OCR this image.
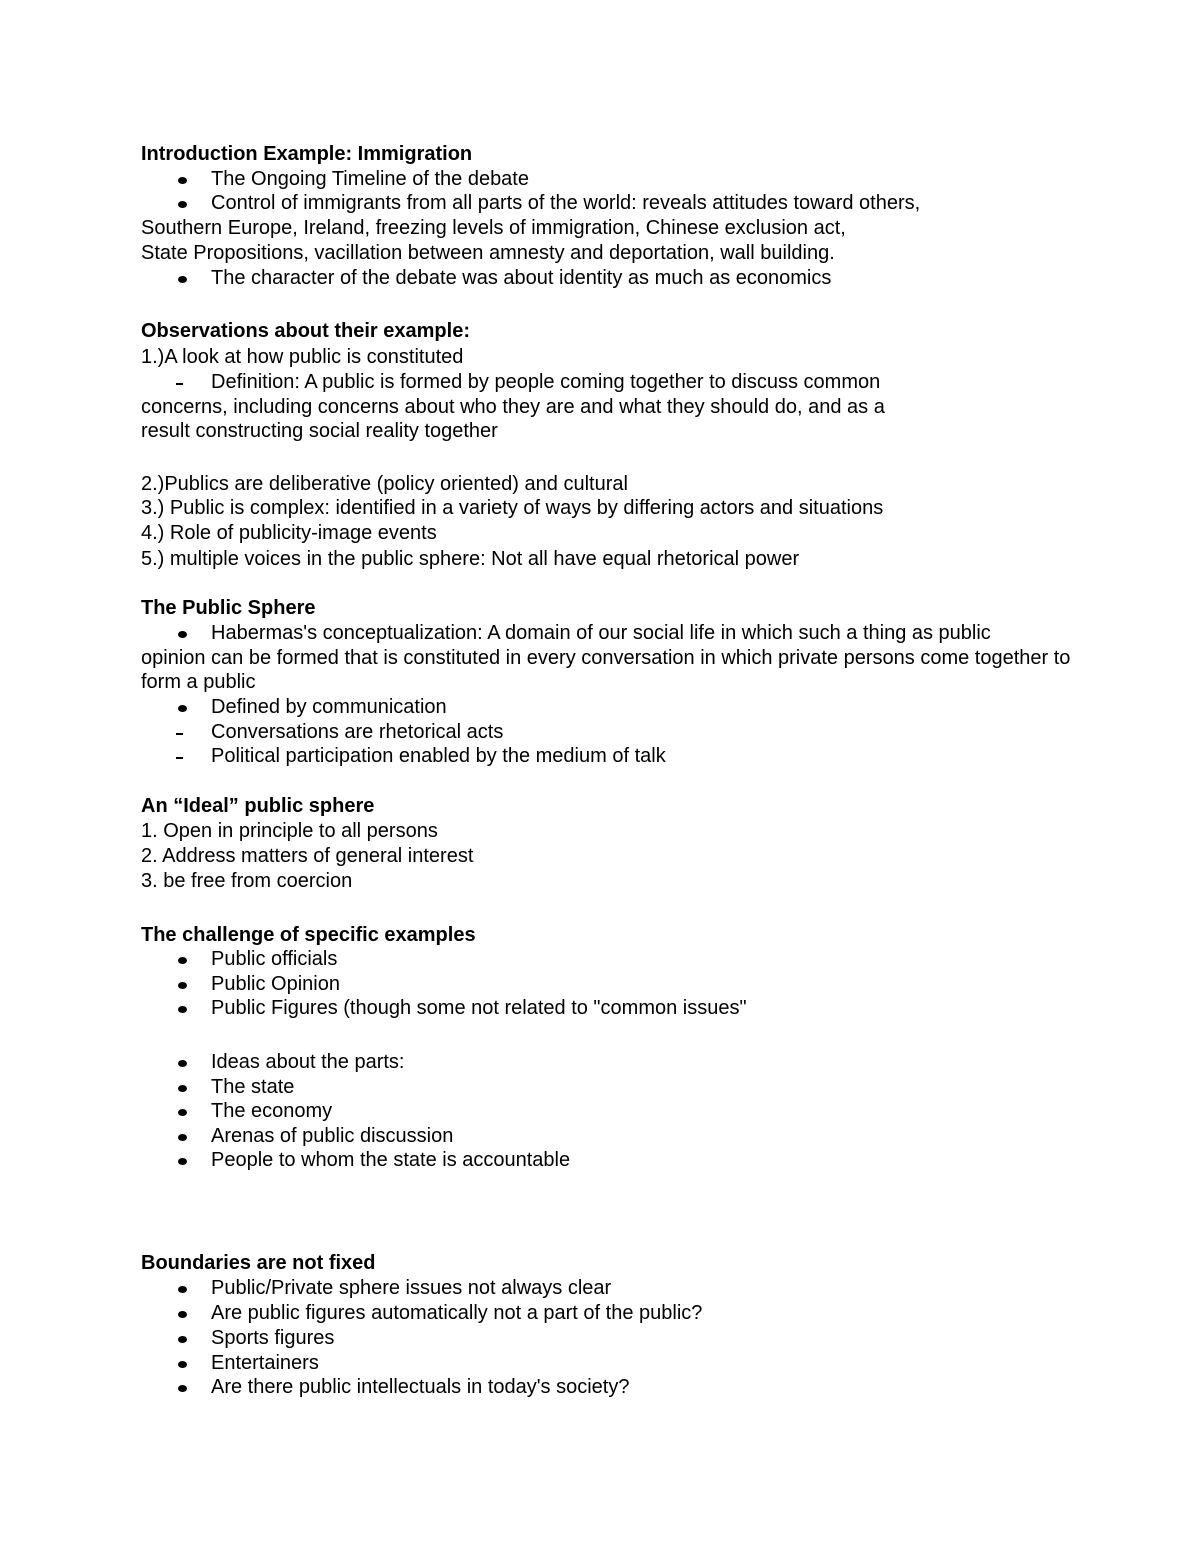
Introduction Example: Immigration
The Ongoing Timeline of the debate
Control of immigrants from all parts of the world: reveals attitudes toward others,
Southern Europe, Ireland, freezing levels of immigration, Chinese exclusion act,
State Propositions, vacillation between amnesty and deportation, wall building.
The character of the debate was about identity as much as economics
Observations about their example:
1.)A look at how public is constituted
Definition: A public is formed by people coming together to discuss common
concerns, including concerns about who they are and what they should do, and as a
result constructing social reality together
2.)Publics are deliberative (policy oriented) and cultural
3.) Public is complex: identified in a variety of ways by differing actors and situations
4.) Role of publicity-image events
5.) multiple voices in the public sphere: Not all have equal rhetorical power
The Public Sphere
Habermas's conceptualization: A domain of our social life in which such a thing as public
opinion can be formed that is constituted in every conversation in which private persons come together to
form a public
Defined by communication
Conversations are rhetorical acts
Political participation enabled by the medium of talk
An “Ideal” public sphere
1. Open in principle to all persons
2. Address matters of general interest
3. be free from coercion
The challenge of specific examples
Public officials
Public Opinion
Public Figures (though some not related to "common issues"
Ideas about the parts:
The state
The economy
Arenas of public discussion
People to whom the state is accountable
Boundaries are not fixed
Public/Private sphere issues not always clear
Are public figures automatically not a part of the public?
Sports figures
Entertainers
Are there public intellectuals in today's society?
